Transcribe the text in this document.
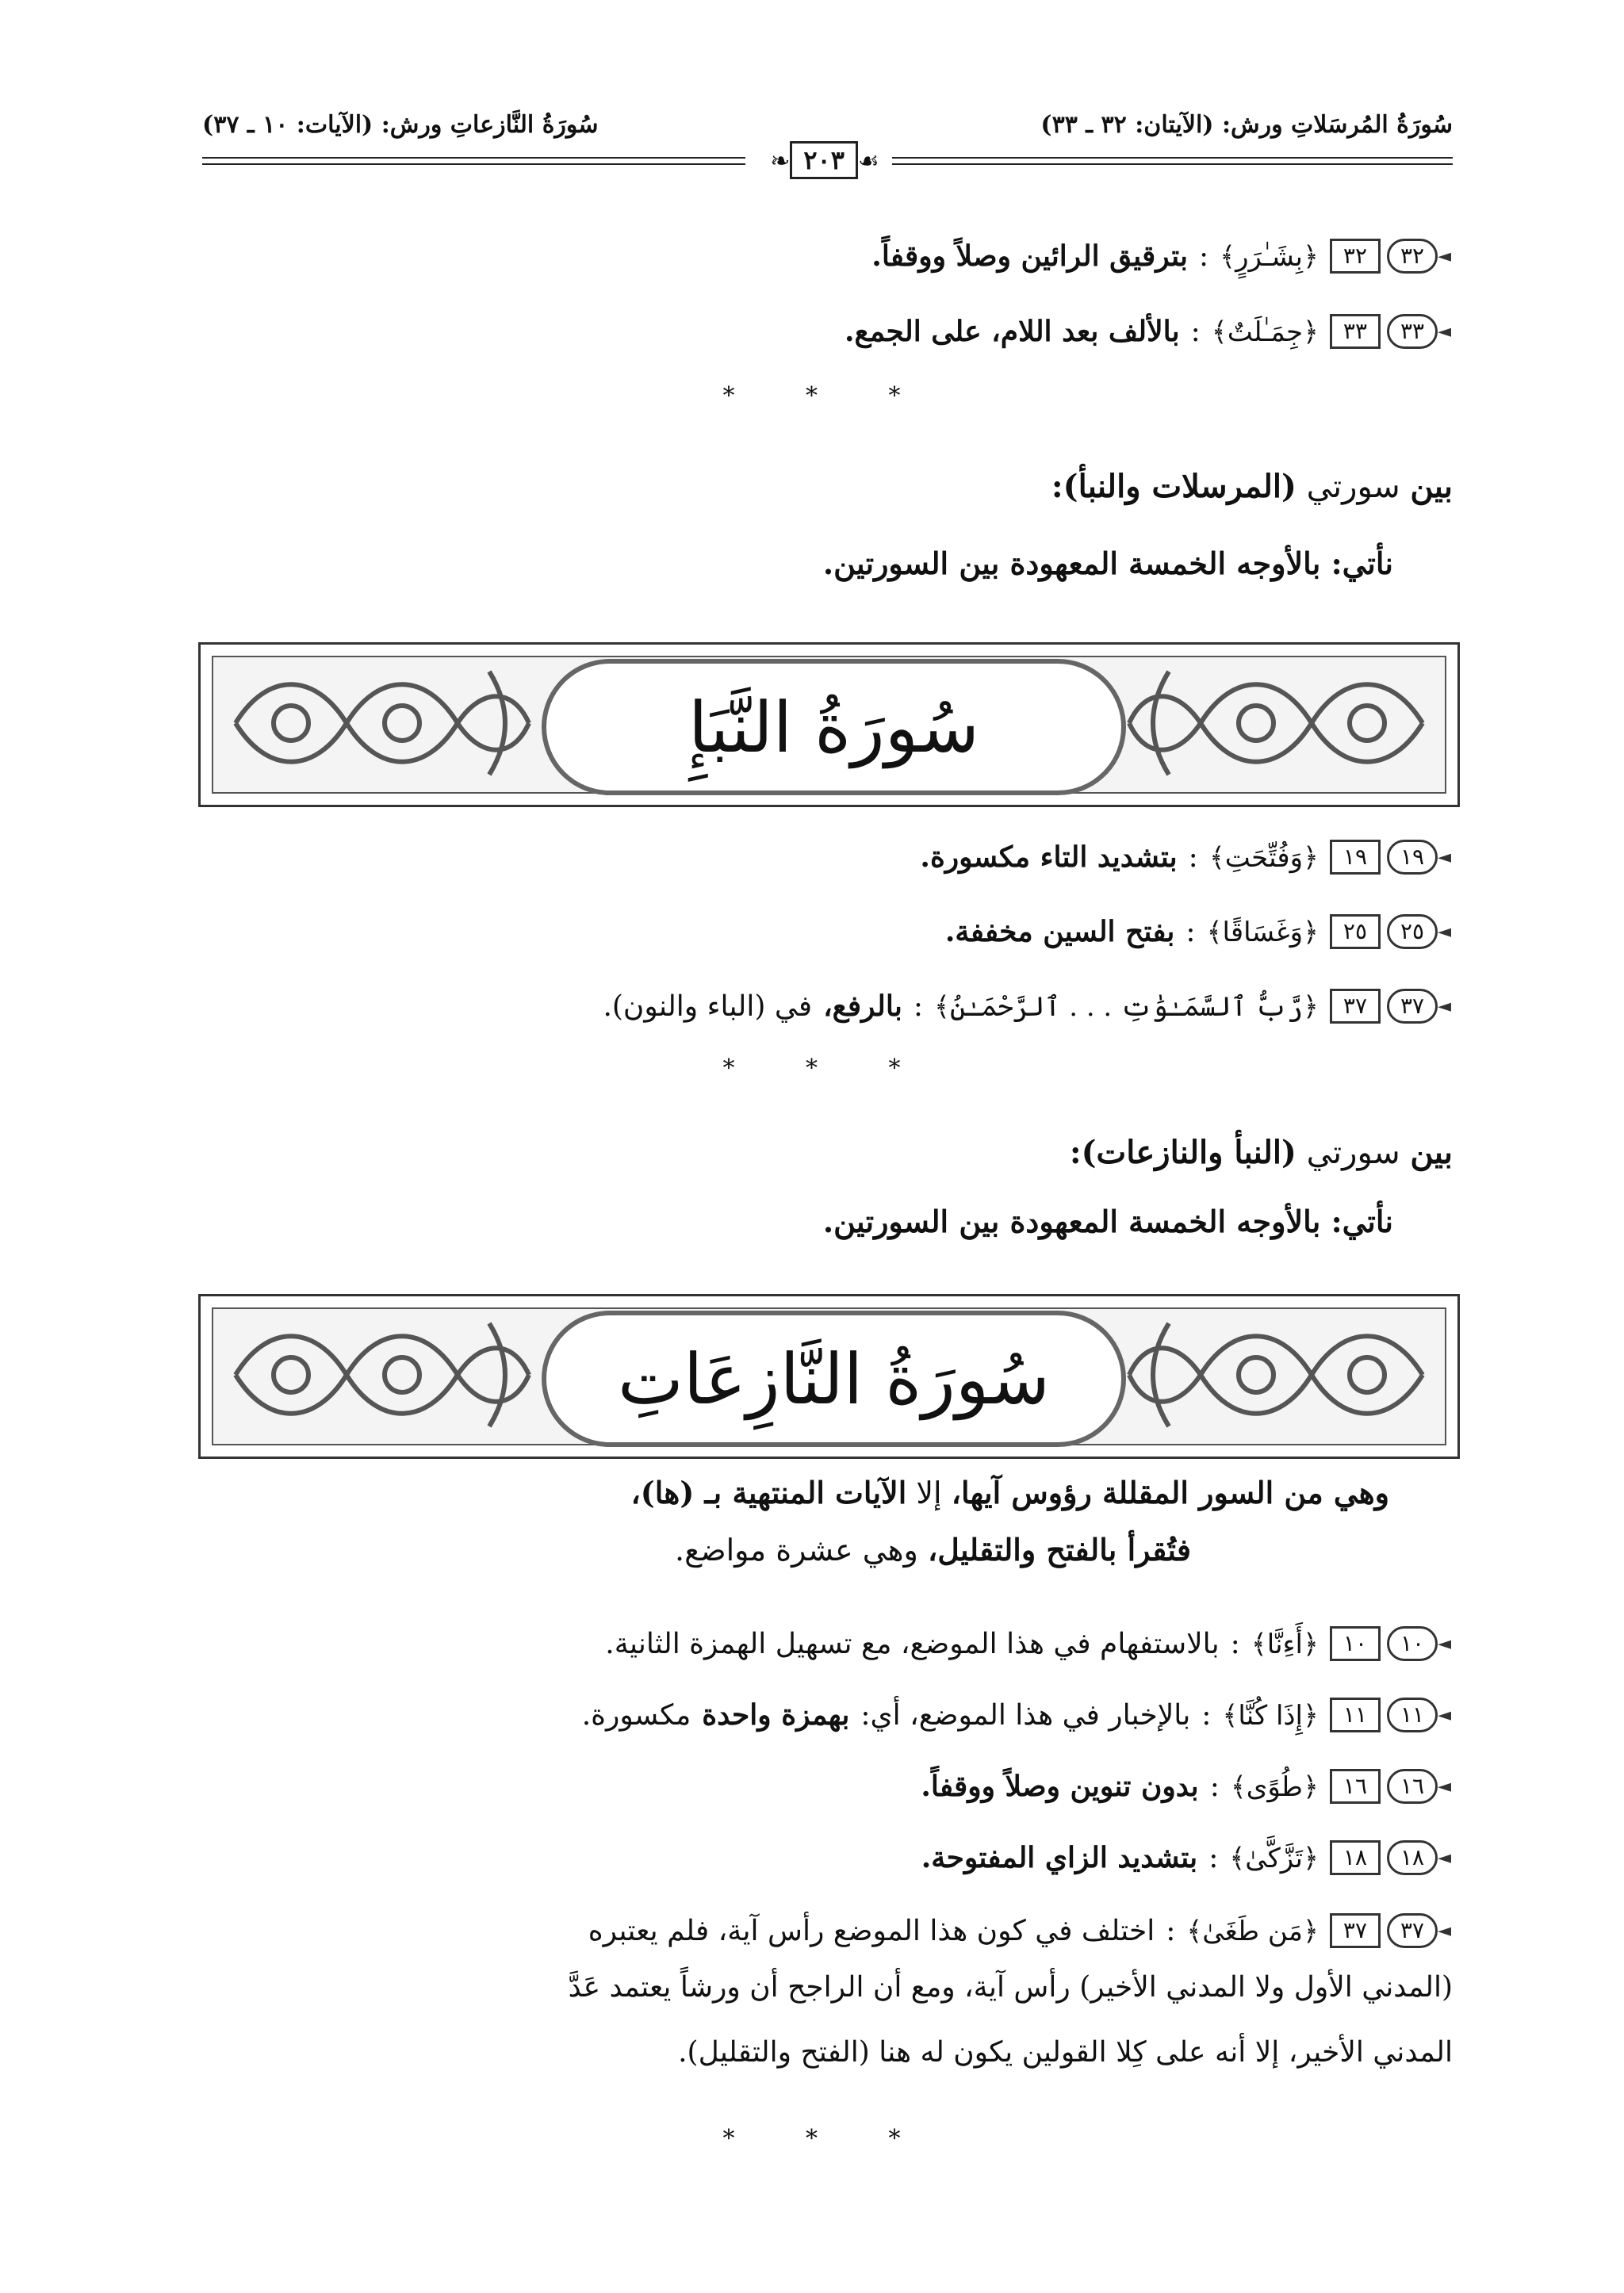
سُورَةُ المُرسَلاتِ ورش: (الآيتان: ٣٢ ـ ٣٣)
سُورَةُ النَّازعاتِ ورش: (الآيات: ١٠ ـ ٣٧)
❧ ٢٠٣ ☙
٣٢	٣٢ ◄
﴿بِشَـٰرَرٍ﴾
:
بترقيق الرائين وصلاً ووقفاً.
٣٣	٣٣ ◄
﴿جِمَـٰلَتٌ﴾
:
بالألف بعد اللام، على الجمع.
* * *
بين سورتي (المرسلات والنبأ):
نأتي: بالأوجه الخمسة المعهودة بين السورتين.
سُورَةُ النَّبَإِ
١٩	١٩ ◄
﴿وَفُتِّحَتِ﴾
:
بتشديد التاء مكسورة.
٢٥	٢٥ ◄
﴿وَغَسَاقًا﴾
:
بفتح السين مخففة.
٣٧	٣٧ ◄
﴿رَّبُّ ٱلسَّمَـٰوَٰتِ . . . ٱلرَّحْمَـٰنُ﴾
:
بالرفع،
في (الباء والنون).
* * *
بين سورتي (النبأ والنازعات):
نأتي: بالأوجه الخمسة المعهودة بين السورتين.
سُورَةُ النَّازِعَاتِ
وهي من السور المقللة رؤوس آيها، إلا الآيات المنتهية بـ (ها)،
فتُقرأ بالفتح والتقليل، وهي عشرة مواضع.
١٠	١٠ ◄
﴿أَءِنَّا﴾
:
بالاستفهام في هذا الموضع، مع تسهيل الهمزة الثانية.
١١	١١ ◄
﴿إِذَا كُنَّا﴾
:
بالإخبار في هذا الموضع، أي:
بهمزة واحدة
مكسورة.
١٦	١٦ ◄
﴿طُوًى﴾
:
بدون تنوين وصلاً ووقفاً.
١٨	١٨ ◄
﴿تَزَّكَّىٰ﴾
:
بتشديد الزاي المفتوحة.
٣٧	٣٧ ◄
﴿مَن طَغَىٰ﴾
:
اختلف في كون هذا الموضع رأس آية، فلم يعتبره
(المدني الأول ولا المدني الأخير) رأس آية، ومع أن الراجح أن ورشاً يعتمد عَدَّ
المدني الأخير، إلا أنه على كِلا القولين يكون له هنا (الفتح والتقليل).
* * *
